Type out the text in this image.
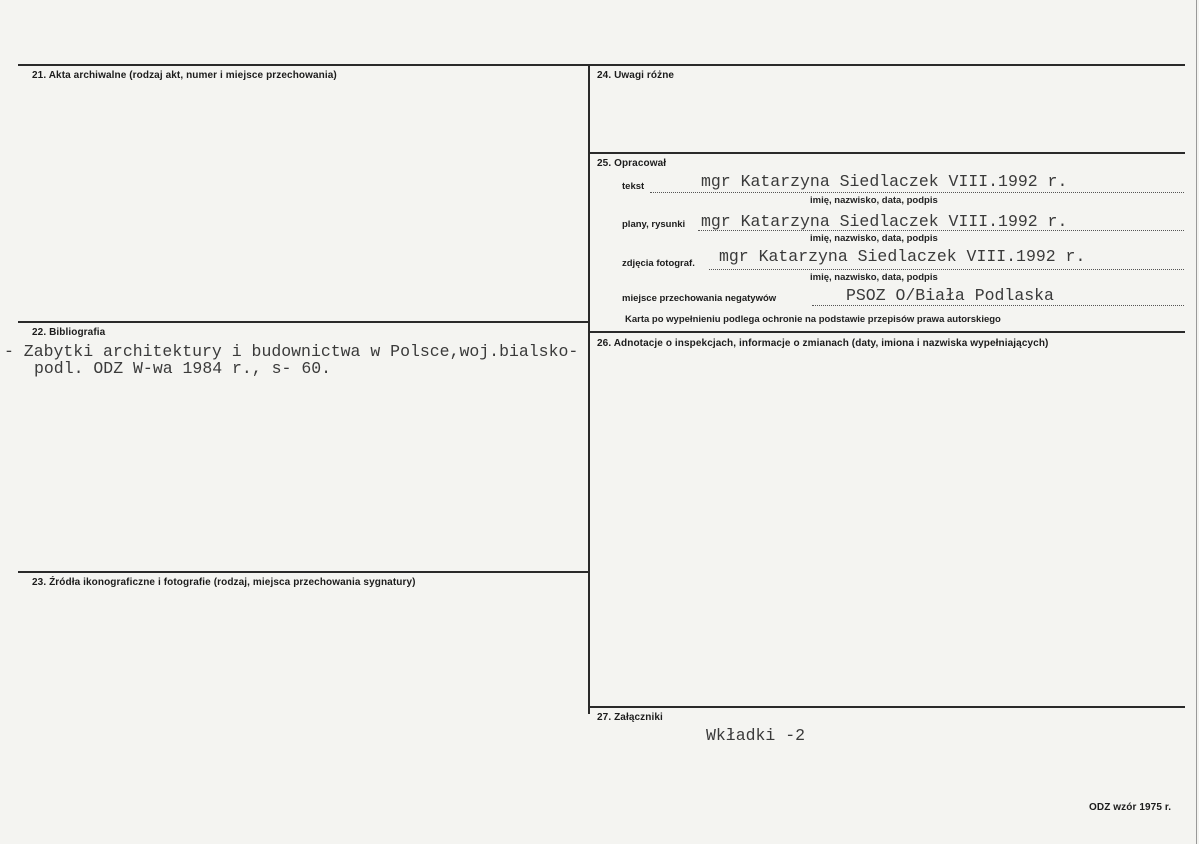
21. Akta archiwalne (rodzaj akt, numer i miejsce przechowania)
22. Bibliografia
- Zabytki architektury i budownictwa w Polsce,woj.bialsko-
podl. ODZ W-wa 1984 r., s- 60.
23. Źródła ikonograficzne i fotografie (rodzaj, miejsca przechowania sygnatury)
24. Uwagi różne
25. Opracował
tekst	mgr Katarzyna Siedlaczek VIII.1992 r.
imię, nazwisko, data, podpis
plany, rysunki mgr Katarzyna Siedlaczek VIII.1992 r.
imię, nazwisko, data, podpis
zdjęcia fotograf. mgr Katarzyna Siedlaczek VIII.1992 r.
imię, nazwisko, data, podpis
miejsce przechowania negatywów	PSOZ O/Biała Podlaska
Karta po wypełnieniu podlega ochronie na podstawie przepisów prawa autorskiego
26. Adnotacje o inspekcjach, informacje o zmianach (daty, imiona i nazwiska wypełniających)
27. Załączniki
Wkładki -2
ODZ wzór 1975 r.
